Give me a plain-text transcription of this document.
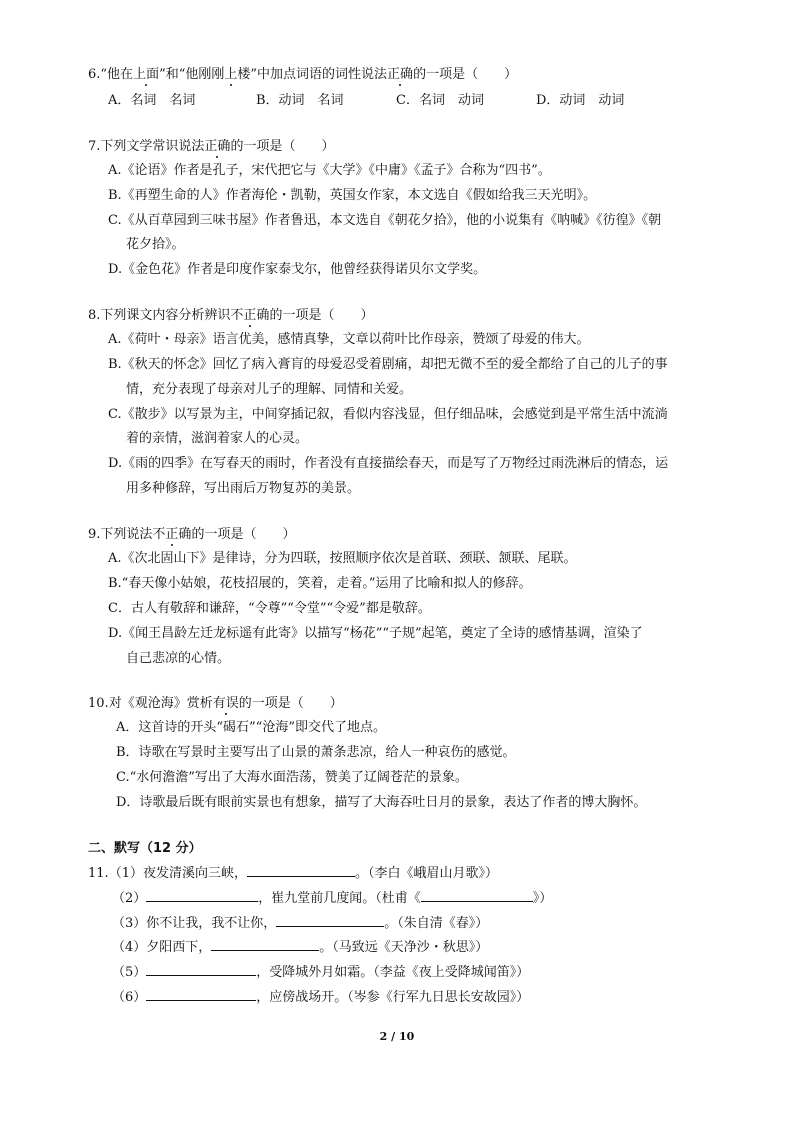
6.“他在上面”和“他刚刚上楼”中加点词语的词性说法正确的一项是（　　）
A．名词　名词	B．动词　名词	C．名词　动词	D．动词　动词
7.下列文学常识说法正确的一项是（　　）
A.《论语》作者是孔子，宋代把它与《大学》《中庸》《孟子》合称为“四书”。
B.《再塑生命的人》作者海伦・凯勒，英国女作家，本文选自《假如给我三天光明》。
C.《从百草园到三味书屋》作者鲁迅，本文选自《朝花夕拾》，他的小说集有《呐喊》《彷徨》《朝
花夕拾》。
D.《金色花》作者是印度作家泰戈尔，他曾经获得诺贝尔文学奖。
8.下列课文内容分析辨识不正确的一项是（　　）
A.《荷叶・母亲》语言优美，感情真挚，文章以荷叶比作母亲，赞颂了母爱的伟大。
B.《秋天的怀念》回忆了病入膏肓的母爱忍受着剧痛，却把无微不至的爱全都给了自己的儿子的事
情，充分表现了母亲对儿子的理解、同情和关爱。
C.《散步》以写景为主，中间穿插记叙，看似内容浅显，但仔细品味，会感觉到是平常生活中流淌
着的亲情，滋润着家人的心灵。
D.《雨的四季》在写春天的雨时，作者没有直接描绘春天，而是写了万物经过雨洗淋后的情态，运
用多种修辞，写出雨后万物复苏的美景。
9.下列说法不正确的一项是（　　）
A.《次北固山下》是律诗，分为四联，按照顺序依次是首联、颈联、颔联、尾联。
B.“春天像小姑娘，花枝招展的，笑着，走着。”运用了比喻和拟人的修辞。
C．古人有敬辞和谦辞，“令尊”“令堂”“令爱”都是敬辞。
D.《闻王昌龄左迁龙标遥有此寄》以描写“杨花”“子规”起笔，奠定了全诗的感情基调，渲染了
自己悲凉的心情。
10.对《观沧海》赏析有误的一项是（　　）
A．这首诗的开头“碣石”“沧海”即交代了地点。
B．诗歌在写景时主要写出了山景的萧条悲凉，给人一种哀伤的感觉。
C.“水何澹澹”写出了大海水面浩荡，赞美了辽阔苍茫的景象。
D．诗歌最后既有眼前实景也有想象，描写了大海吞吐日月的景象，表达了作者的博大胸怀。
二、默写（12 分）
11.（1）夜发清溪向三峡，	。（李白《峨眉山月歌》）
（2）	，崔九堂前几度闻。（杜甫《	》）
（3）你不让我，我不让你，	。（朱自清《春》）
（4）夕阳西下，	。（马致远《天净沙・秋思》）
（5）	，受降城外月如霜。（李益《夜上受降城闻笛》）
（6）	，应傍战场开。（岑参《行军九日思长安故园》）
2 / 10
